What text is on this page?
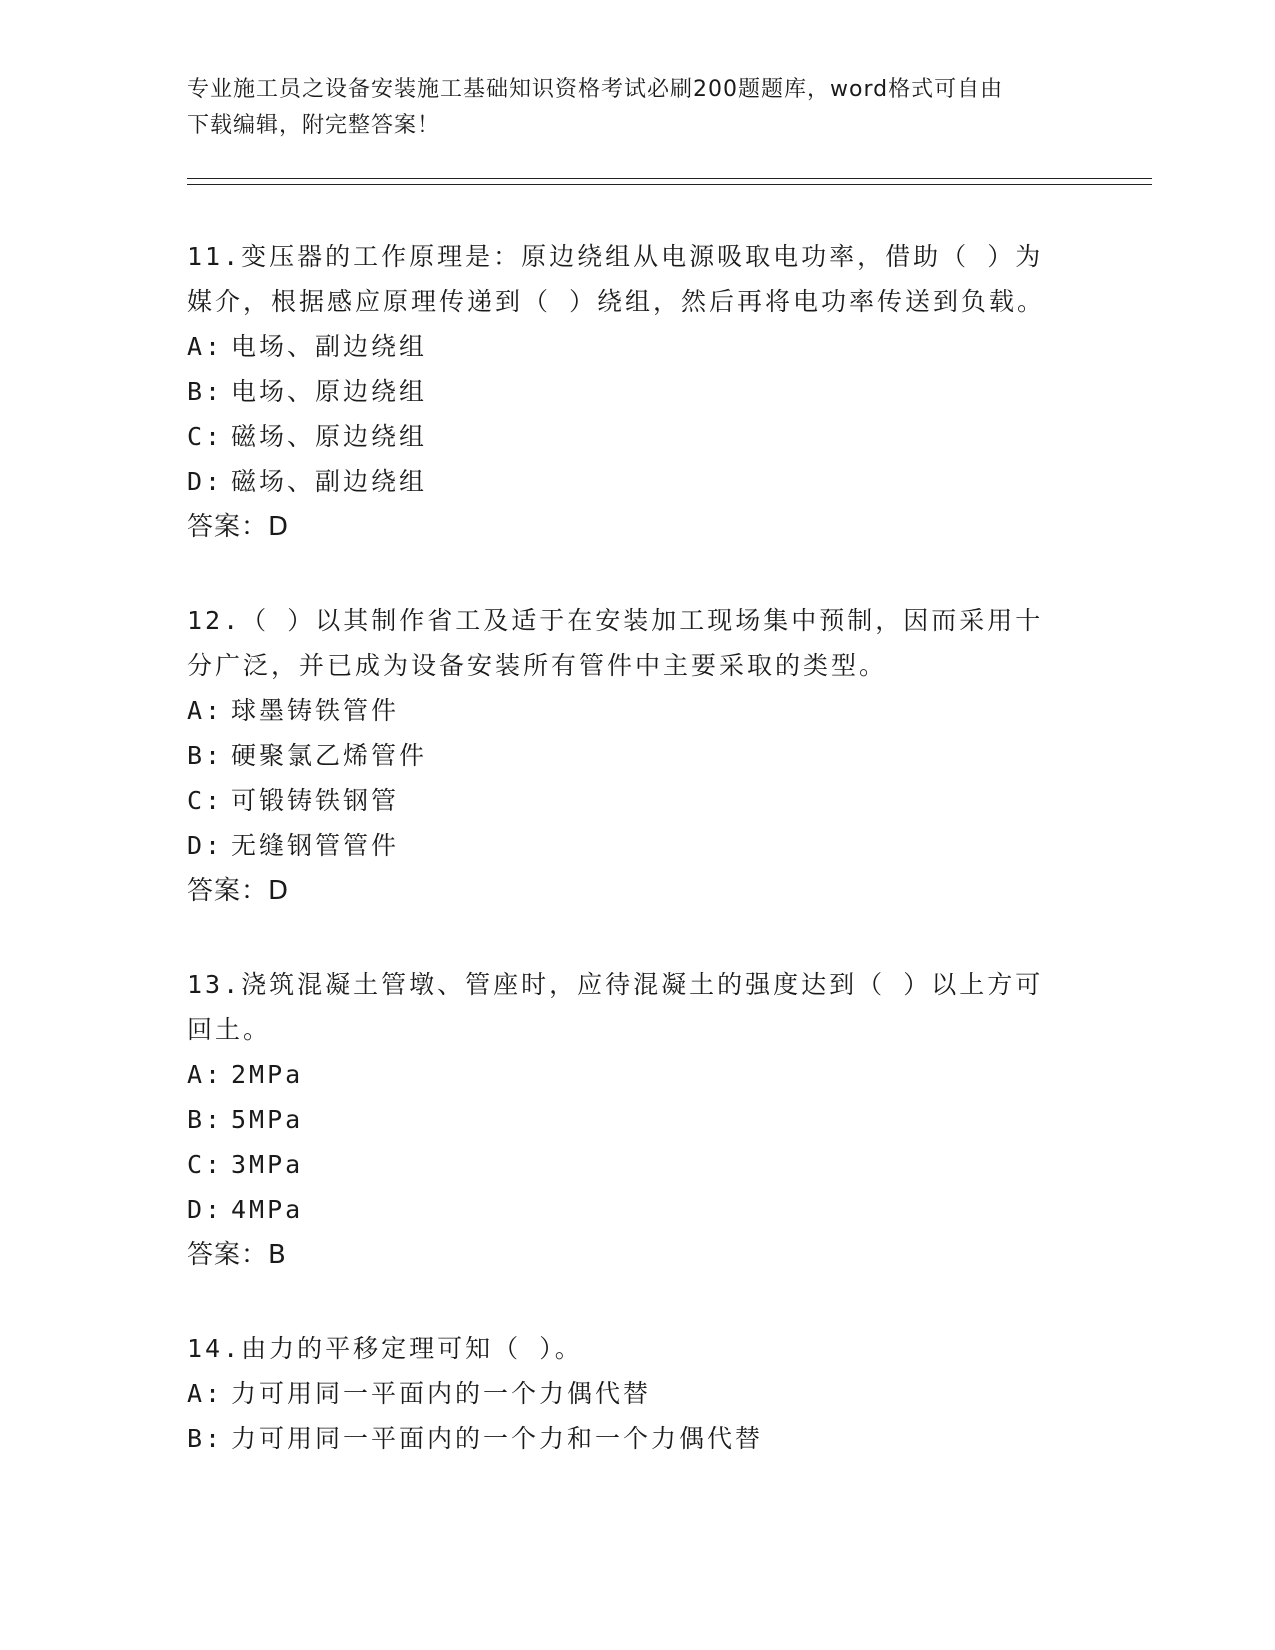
专业施工员之设备安装施工基础知识资格考试必刷200题题库，word格式可自由
下载编辑，附完整答案！
11.变压器的工作原理是：原边绕组从电源吸取电功率，借助（ ）为
媒介，根据感应原理传递到（ ）绕组，然后再将电功率传送到负载。
A: 电场、副边绕组
B: 电场、原边绕组
C: 磁场、原边绕组
D: 磁场、副边绕组
答案：D
12.（ ）以其制作省工及适于在安装加工现场集中预制，因而采用十
分广泛，并已成为设备安装所有管件中主要采取的类型。
A: 球墨铸铁管件
B: 硬聚氯乙烯管件
C: 可锻铸铁钢管
D: 无缝钢管管件
答案：D
13.浇筑混凝土管墩、管座时，应待混凝土的强度达到（ ）以上方可
回土。
A: 2MPa
B: 5MPa
C: 3MPa
D: 4MPa
答案：B
14.由力的平移定理可知（ ）。
A: 力可用同一平面内的一个力偶代替
B: 力可用同一平面内的一个力和一个力偶代替
